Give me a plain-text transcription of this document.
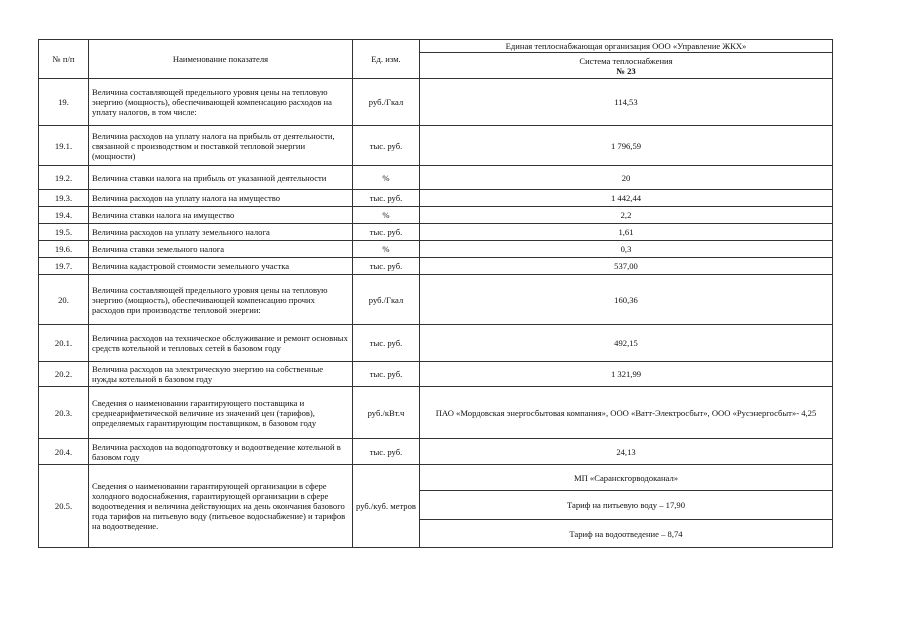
№ п/п	Наименование показателя	Ед. изм.	Единая теплоснабжающая организация ООО «Управление ЖКХ»

			Система теплоснабжения
№ 23

19.	Величина составляющей предельного уровня цены на тепловую энергию (мощность), обеспечивающей компенсацию расходов на уплату налогов, в том числе:	руб./Гкал	114,53
19.1.	Величина расходов на уплату налога на прибыль от деятельности, связанной с производством и поставкой тепловой энергии (мощности)	тыс. руб.	1 796,59
19.2.	Величина ставки налога на прибыль от указанной деятельности	%	20
19.3.	Величина расходов на уплату налога на имущество	тыс. руб.	1 442,44
19.4.	Величина ставки налога на имущество	%	2,2
19.5.	Величина расходов на уплату земельного налога	тыс. руб.	1,61
19.6.	Величина ставки земельного налога	%	0,3
19.7.	Величина кадастровой стоимости земельного участка	тыс. руб.	537,00
20.	Величина составляющей предельного уровня цены на тепловую энергию (мощность), обеспечивающей компенсацию прочих расходов при производстве тепловой энергии:	руб./Гкал	160,36
20.1.	Величина расходов на техническое обслуживание и ремонт основных средств котельной и тепловых сетей в базовом году	тыс. руб.	492,15
20.2.	Величина расходов на электрическую энергию на собственные нужды котельной в базовом году	тыс. руб.	1 321,99
20.3.	Сведения о наименовании гарантирующего поставщика и среднеарифметической величине из значений цен (тарифов), определяемых гарантирующим поставщиком, в базовом году	руб./кВт.ч	ПАО «Мордовская энергосбытовая компания», ООО «Ватт-Электросбыт», ООО «Русэнергосбыт»- 4,25
20.4.	Величина расходов на водоподготовку и водоотведение котельной в базовом году	тыс. руб.	24,13
20.5.	Сведения о наименовании гарантирующей организации в сфере холодного водоснабжения, гарантирующей организации в сфере водоотведения и величина действующих на день окончания базового года тарифов на питьевую воду (питьевое водоснабжение) и тарифов на водоотведение.	руб./куб. метров	МП «Саранскгорводоканал»
			Тариф на питьевую воду – 17,90
			Тариф на водоотведение – 8,74
